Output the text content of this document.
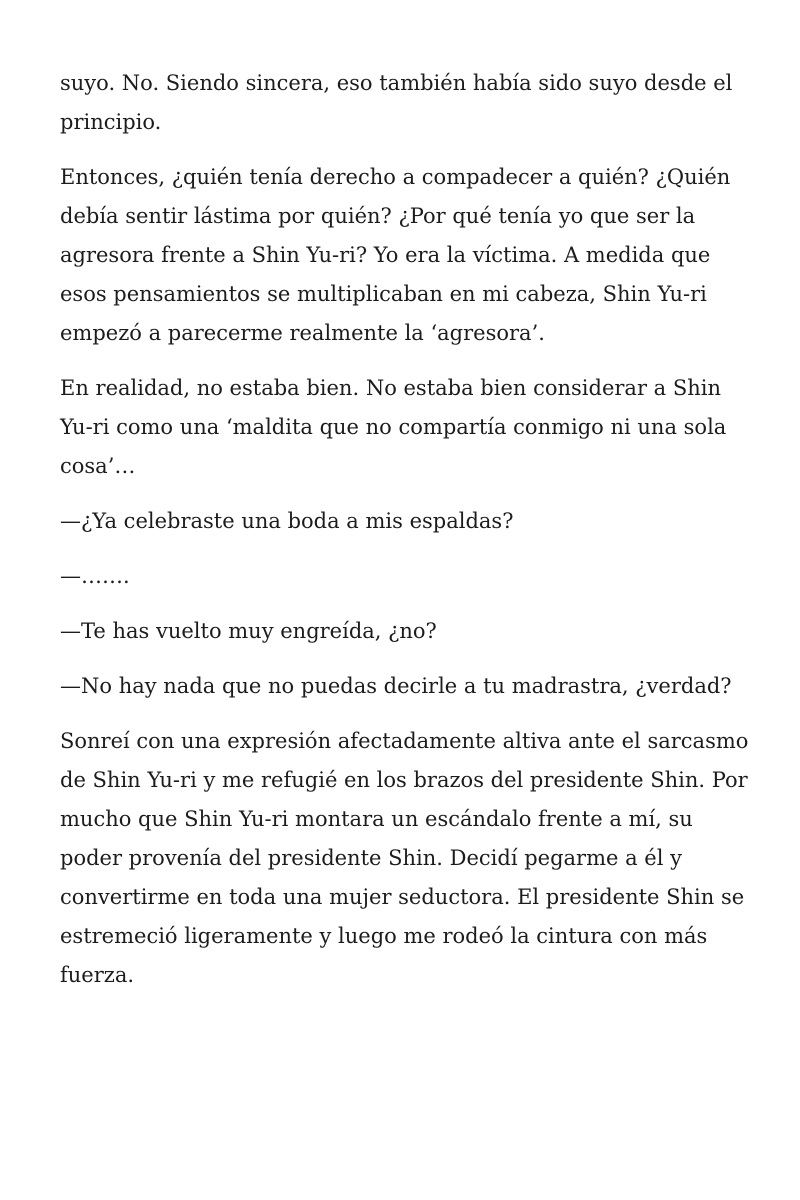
suyo. No. Siendo sincera, eso también había sido suyo desde el principio.

Entonces, ¿quién tenía derecho a compadecer a quién? ¿Quién debía sentir lástima por quién? ¿Por qué tenía yo que ser la agresora frente a Shin Yu-ri? Yo era la víctima. A medida que esos pensamientos se multiplicaban en mi cabeza, Shin Yu-ri empezó a parecerme realmente la ‘agresora’.

En realidad, no estaba bien. No estaba bien considerar a Shin Yu-ri como una ‘maldita que no compartía conmigo ni una sola cosa’…

—¿Ya celebraste una boda a mis espaldas?

—…….

—Te has vuelto muy engreída, ¿no?

—No hay nada que no puedas decirle a tu madrastra, ¿verdad?

Sonreí con una expresión afectadamente altiva ante el sarcasmo de Shin Yu-ri y me refugié en los brazos del presidente Shin. Por mucho que Shin Yu-ri montara un escándalo frente a mí, su poder provenía del presidente Shin. Decidí pegarme a él y convertirme en toda una mujer seductora. El presidente Shin se estremeció ligeramente y luego me rodeó la cintura con más fuerza.
